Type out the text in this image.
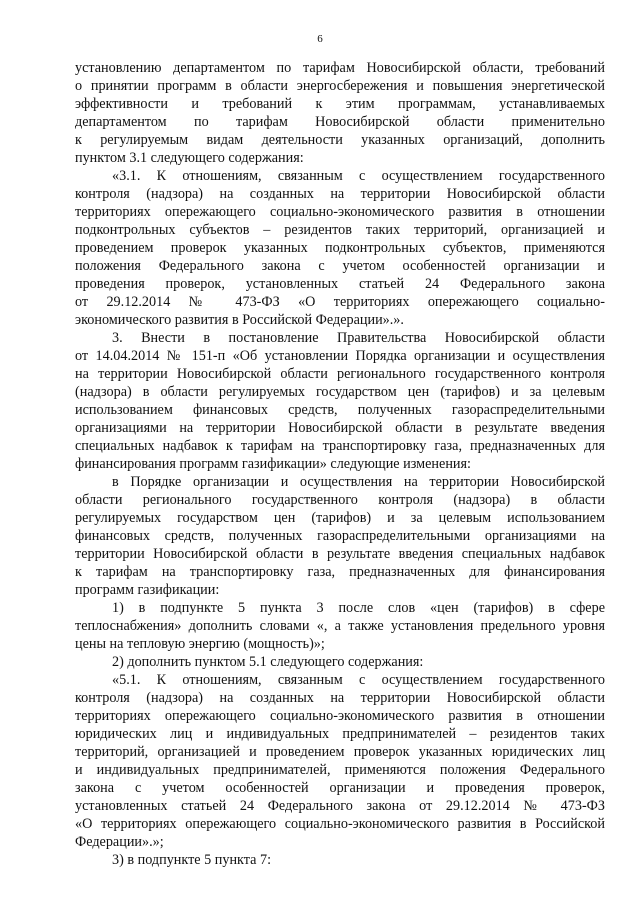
6
установлению департаментом по тарифам Новосибирской области, требований
о принятии программ в области энергосбережения и повышения энергетической
эффективности и требований к этим программам, устанавливаемых
департаментом по тарифам Новосибирской области применительно
к регулируемым видам деятельности указанных организаций, дополнить
пунктом 3.1 следующего содержания:
«3.1. К отношениям, связанным с осуществлением государственного
контроля (надзора) на созданных на территории Новосибирской области
территориях опережающего социально-экономического развития в отношении
подконтрольных субъектов – резидентов таких территорий, организацией и
проведением проверок указанных подконтрольных субъектов, применяются
положения Федерального закона с учетом особенностей организации и
проведения проверок, установленных статьей 24 Федерального закона
от 29.12.2014 № 473-ФЗ «О территориях опережающего социально-
экономического развития в Российской Федерации».».
3. Внести в постановление Правительства Новосибирской области
от 14.04.2014 № 151-п «Об установлении Порядка организации и осуществления
на территории Новосибирской области регионального государственного контроля
(надзора) в области регулируемых государством цен (тарифов) и за целевым
использованием финансовых средств, полученных газораспределительными
организациями на территории Новосибирской области в результате введения
специальных надбавок к тарифам на транспортировку газа, предназначенных для
финансирования программ газификации» следующие изменения:
в Порядке организации и осуществления на территории Новосибирской
области регионального государственного контроля (надзора) в области
регулируемых государством цен (тарифов) и за целевым использованием
финансовых средств, полученных газораспределительными организациями на
территории Новосибирской области в результате введения специальных надбавок
к тарифам на транспортировку газа, предназначенных для финансирования
программ газификации:
1) в подпункте 5 пункта 3 после слов «цен (тарифов) в сфере
теплоснабжения» дополнить словами «, а также установления предельного уровня
цены на тепловую энергию (мощность)»;
2) дополнить пунктом 5.1 следующего содержания:
«5.1. К отношениям, связанным с осуществлением государственного
контроля (надзора) на созданных на территории Новосибирской области
территориях опережающего социально-экономического развития в отношении
юридических лиц и индивидуальных предпринимателей – резидентов таких
территорий, организацией и проведением проверок указанных юридических лиц
и индивидуальных предпринимателей, применяются положения Федерального
закона с учетом особенностей организации и проведения проверок,
установленных статьей 24 Федерального закона от 29.12.2014 № 473-ФЗ
«О территориях опережающего социально-экономического развития в Российской
Федерации».»;
3) в подпункте 5 пункта 7:
